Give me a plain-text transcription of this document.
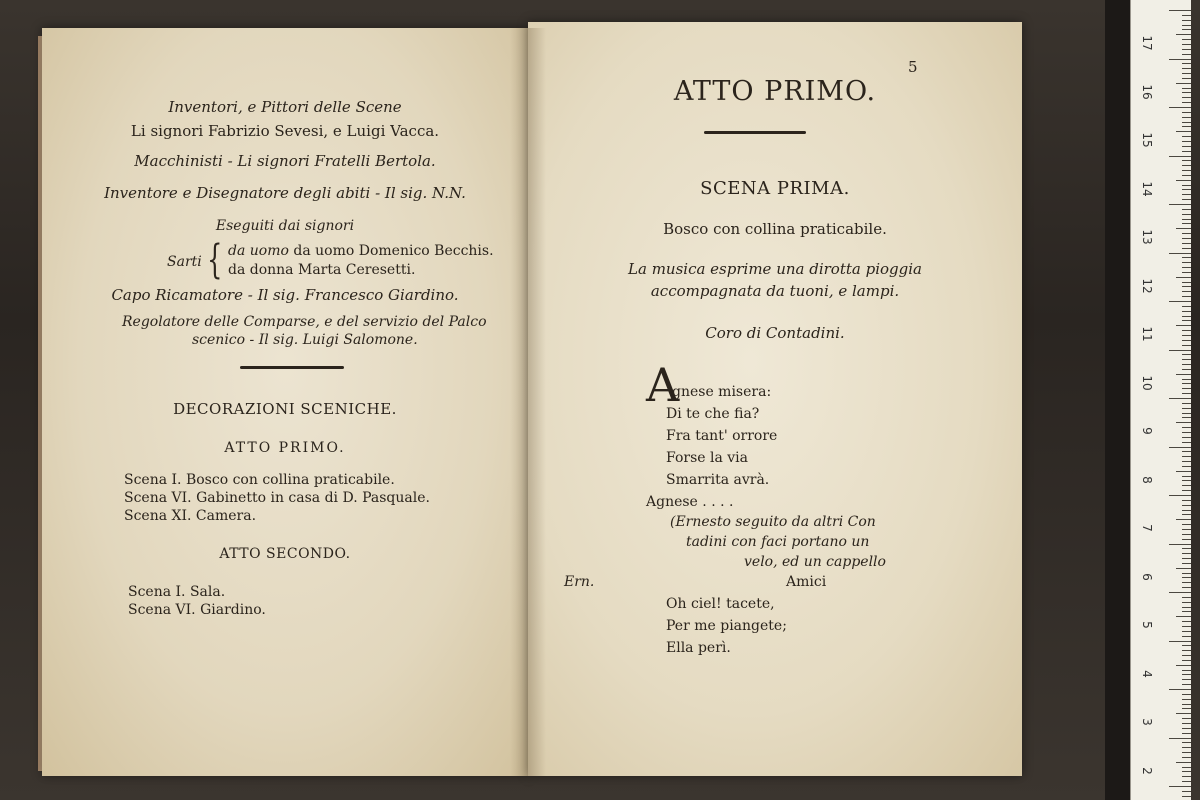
17
16
15
14
13
12
11
10
9
8
7
6
5
4
3
2
Inventori, e Pittori delle Scene
Li signori Fabrizio Sevesi, e Luigi Vacca.
Macchinisti - Li signori Fratelli Bertola.
Inventore e Disegnatore degli abiti - Il sig. N.N.
Eseguiti dai signori
Sarti { da uomo da uomo Domenico Becchis.
da donna Marta Ceresetti.
Capo Ricamatore - Il sig. Francesco Giardino.
Regolatore delle Comparse, e del servizio del Palco
scenico - Il sig. Luigi Salomone.
DECORAZIONI SCENICHE.
ATTO PRIMO.
Scena I. Bosco con collina praticabile.
Scena VI. Gabinetto in casa di D. Pasquale.
Scena XI. Camera.
ATTO SECONDO.
Scena I. Sala.
Scena VI. Giardino.
5
ATTO PRIMO.
SCENA PRIMA.
Bosco con collina praticabile.
La musica esprime una dirotta pioggia
accompagnata da tuoni, e lampi.
Coro di Contadini.
A
gnese misera:
Di te che fia?
Fra tant' orrore
Forse la via
Smarrita avrà.
Agnese . . . .
(Ernesto seguito da altri Con
tadini con faci portano un
velo, ed un cappello
Ern.	Amici
Oh ciel! tacete,
Per me piangete;
Ella perì.
